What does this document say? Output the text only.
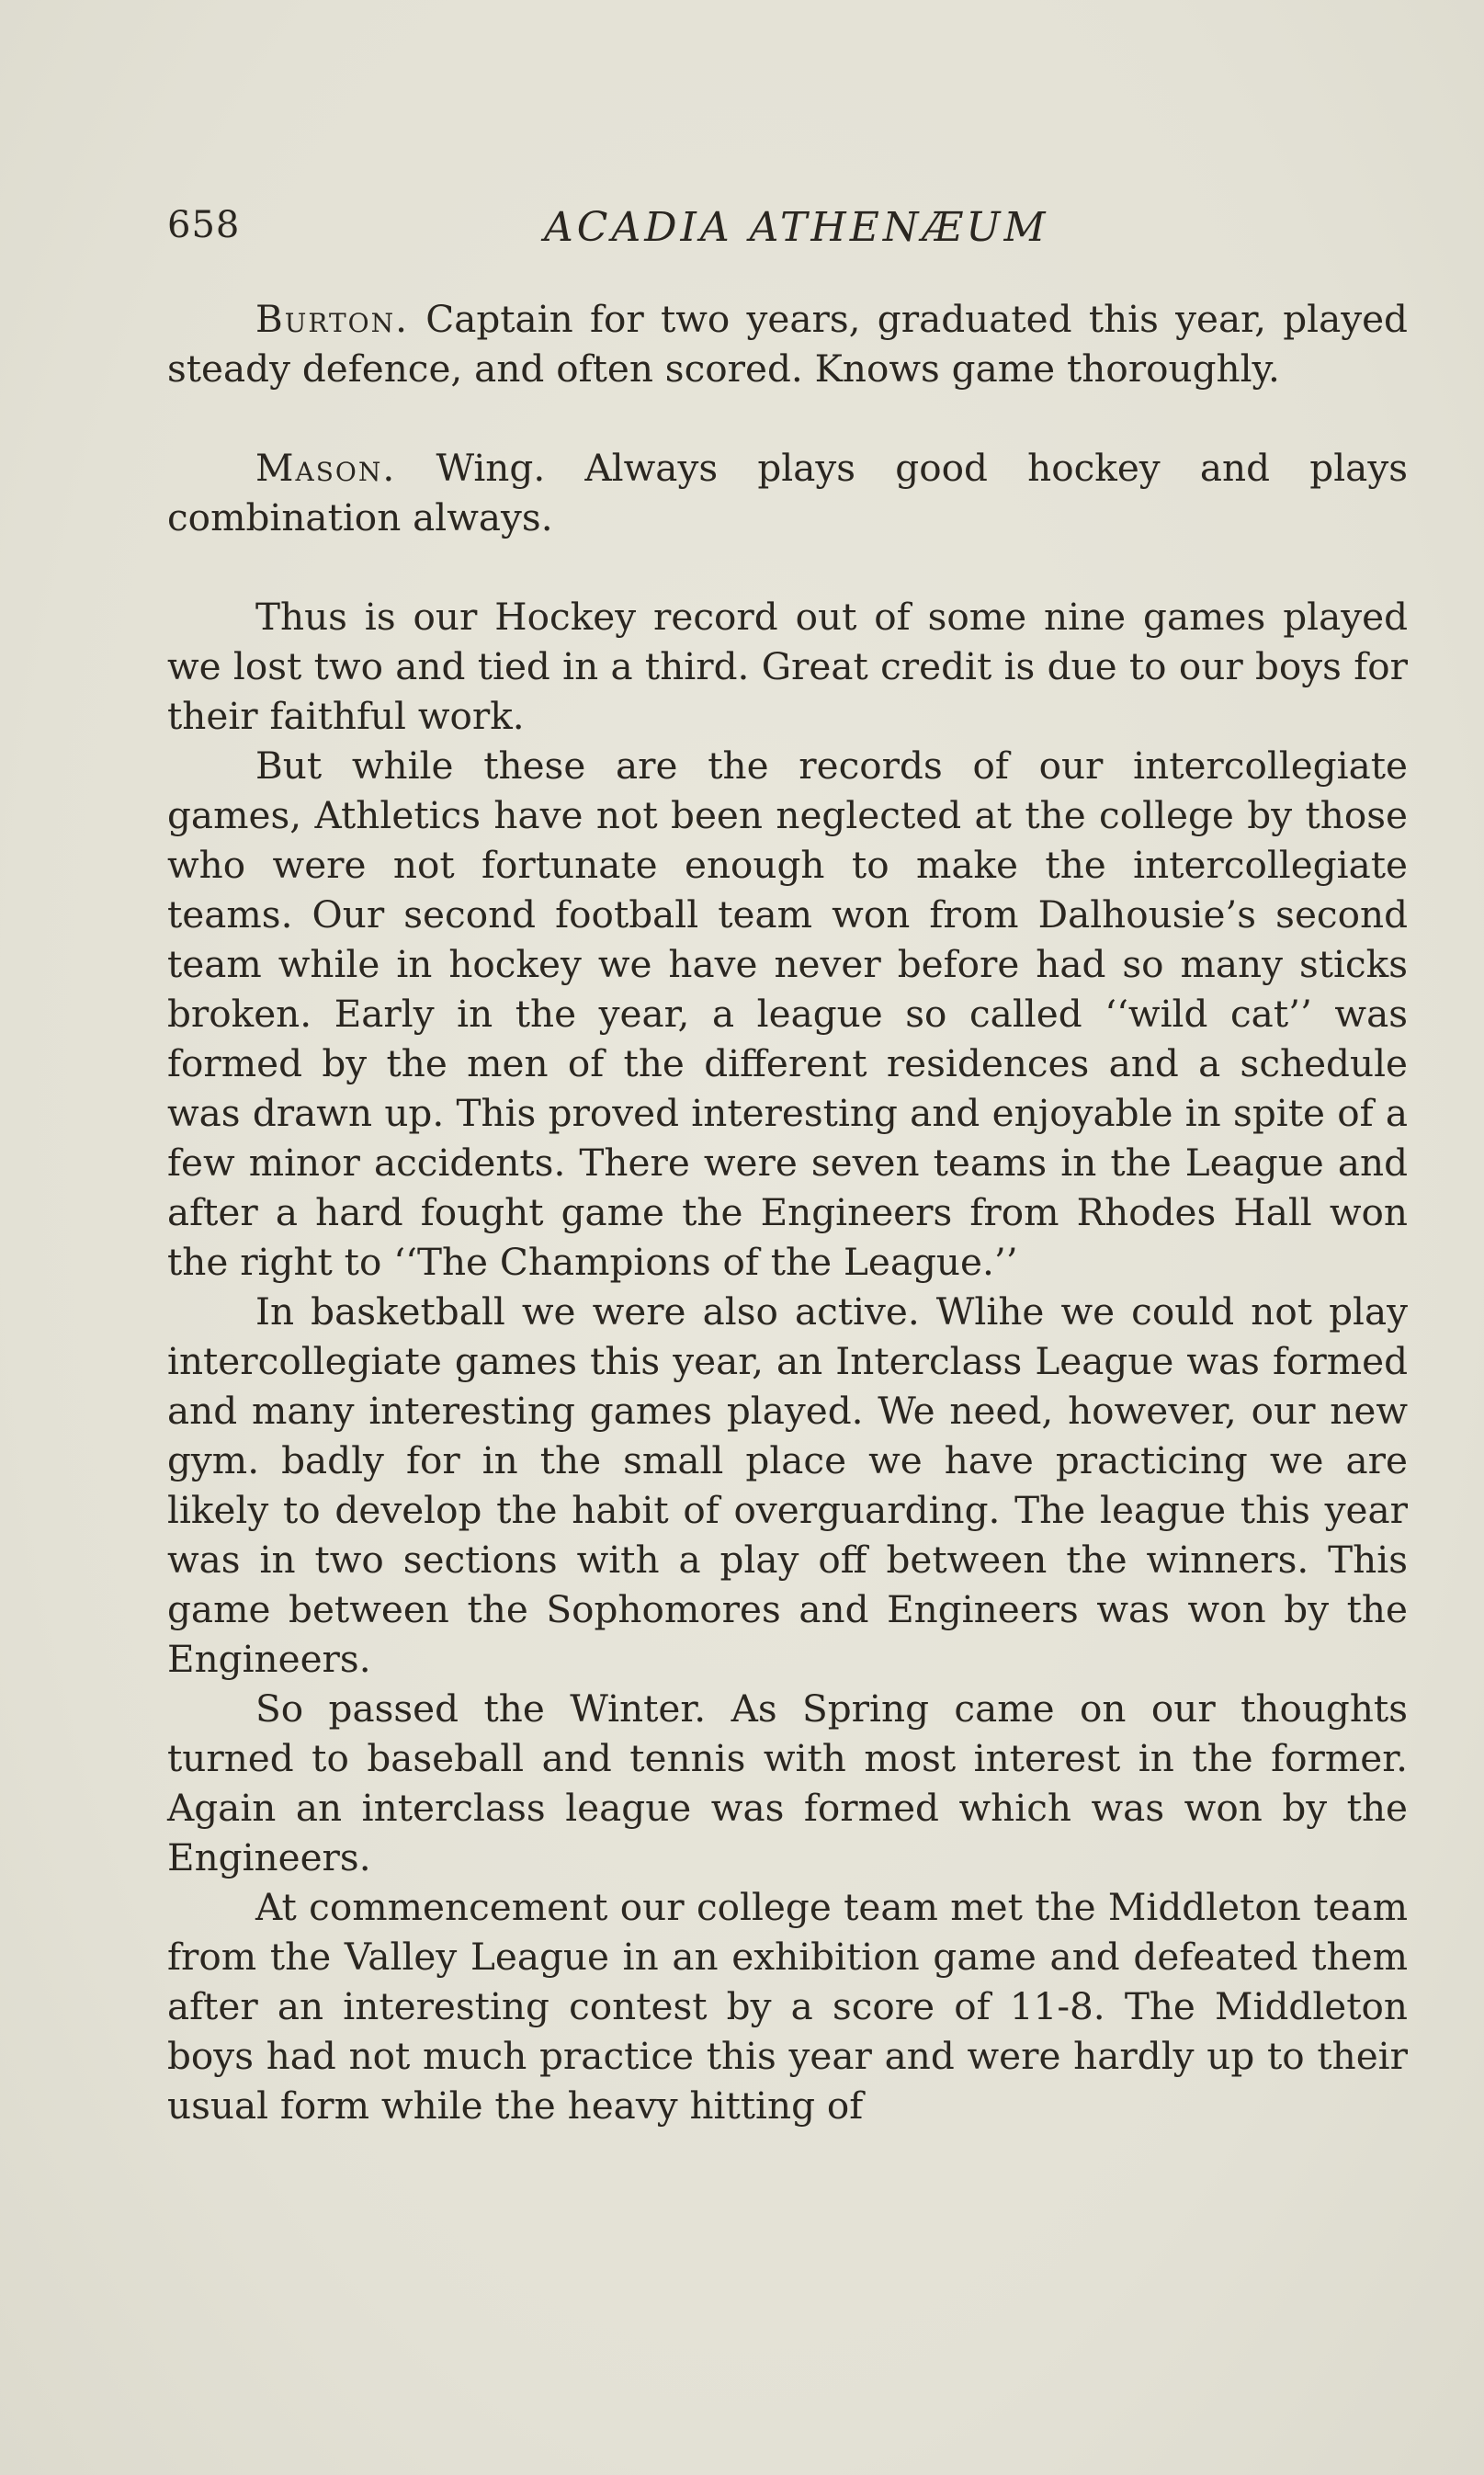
658	ACADIA ATHENÆUM

Burton. Captain for two years, graduated this year, played steady defence, and often scored. Knows game thoroughly.

Mason. Wing. Always plays good hockey and plays combination always.

Thus is our Hockey record out of some nine games played we lost two and tied in a third. Great credit is due to our boys for their faithful work.

But while these are the records of our intercollegiate games, Athletics have not been neglected at the college by those who were not fortunate enough to make the intercollegiate teams. Our second football team won from Dalhousie’s second team while in hockey we have never before had so many sticks broken. Early in the year, a league so called ‘‘wild cat’’ was formed by the men of the different residences and a schedule was drawn up. This proved interesting and enjoyable in spite of a few minor accidents. There were seven teams in the League and after a hard fought game the Engineers from Rhodes Hall won the right to ‘‘The Champions of the League.’’

In basketball we were also active. Wlihe we could not play intercollegiate games this year, an Interclass League was formed and many interesting games played. We need, however, our new gym. badly for in the small place we have practicing we are likely to develop the habit of overguarding. The league this year was in two sections with a play off between the winners. This game between the Sophomores and Engineers was won by the Engineers.

So passed the Winter. As Spring came on our thoughts turned to baseball and tennis with most interest in the former. Again an interclass league was formed which was won by the Engineers.

At commencement our college team met the Middleton team from the Valley League in an exhibition game and defeated them after an interesting contest by a score of 11-8. The Middleton boys had not much practice this year and were hardly up to their usual form while the heavy hitting of
